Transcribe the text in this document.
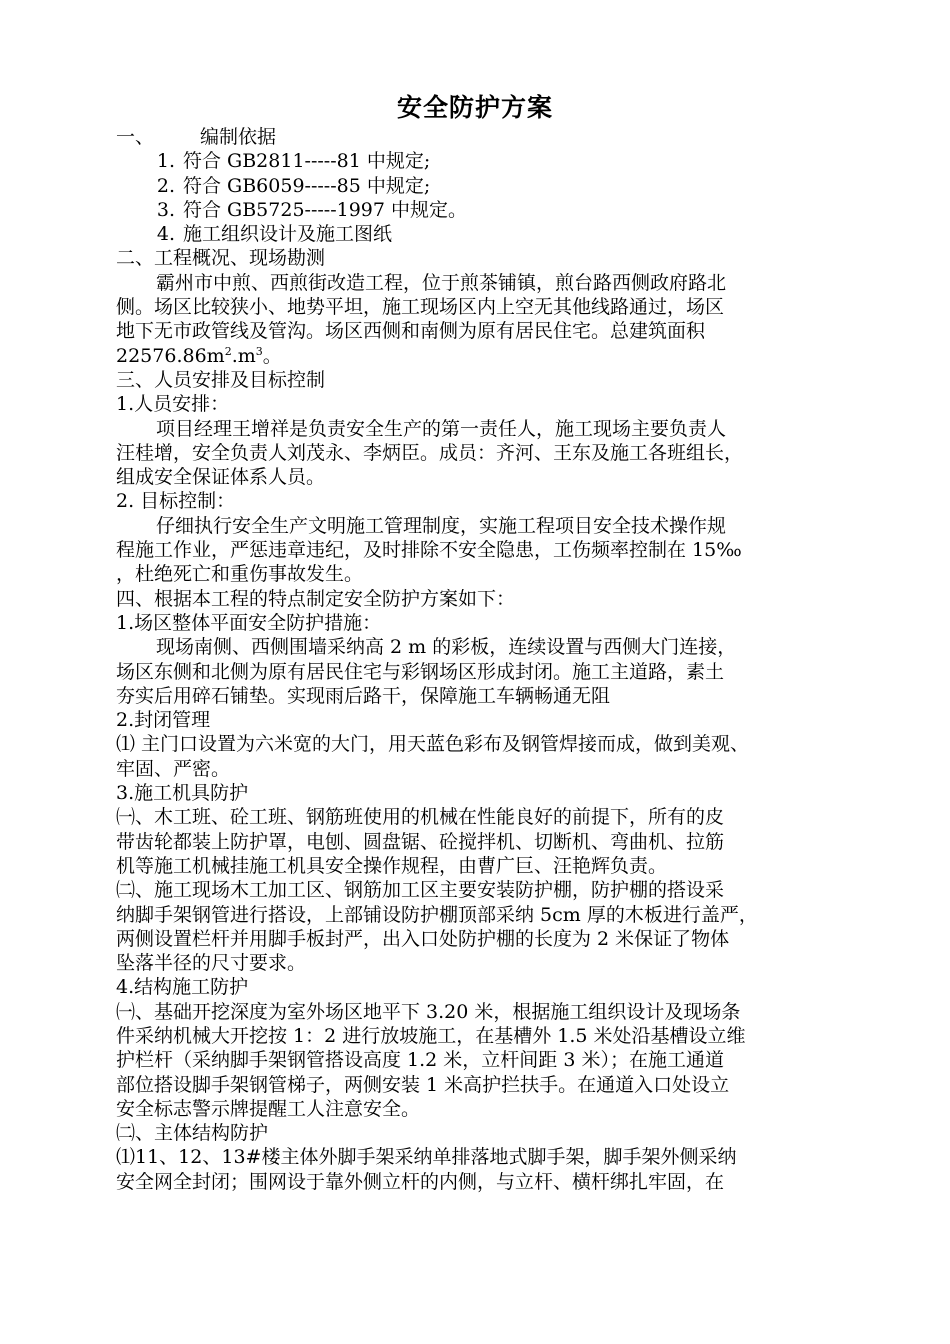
安全防护方案
一、 编制依据
1. 符合 GB2811-----81 中规定;
2. 符合 GB6059-----85 中规定;
3. 符合 GB5725-----1997 中规定。
4. 施工组织设计及施工图纸
二、工程概况、现场勘测
霸州市中煎、西煎街改造工程，位于煎茶铺镇，煎台路西侧政府路北
侧。场区比较狭小、地势平坦，施工现场区内上空无其他线路通过，场区
地下无市政管线及管沟。场区西侧和南侧为原有居民住宅。总建筑面积
$22576.86m^2.m^3$。
三、人员安排及目标控制
1.人员安排：
项目经理王增祥是负责安全生产的第一责任人，施工现场主要负责人
汪桂增，安全负责人刘茂永、李炳臣。成员：齐河、王东及施工各班组长，
组成安全保证体系人员。
2. 目标控制：
仔细执行安全生产文明施工管理制度，实施工程项目安全技术操作规
程施工作业，严惩违章违纪，及时排除不安全隐患，工伤频率控制在 15‰
，杜绝死亡和重伤事故发生。
四、根据本工程的特点制定安全防护方案如下：
1.场区整体平面安全防护措施：
现场南侧、西侧围墙采纳高 2 m 的彩板，连续设置与西侧大门连接，
场区东侧和北侧为原有居民住宅与彩钢场区形成封闭。施工主道路，素土
夯实后用碎石铺垫。实现雨后路干，保障施工车辆畅通无阻
2.封闭管理
⑴ 主门口设置为六米宽的大门，用天蓝色彩布及钢管焊接而成，做到美观、
牢固、严密。
3.施工机具防护
㈠、木工班、砼工班、钢筋班使用的机械在性能良好的前提下，所有的皮
带齿轮都装上防护罩，电刨、圆盘锯、砼搅拌机、切断机、弯曲机、拉筋
机等施工机械挂施工机具安全操作规程，由曹广巨、汪艳辉负责。
㈡、施工现场木工加工区、钢筋加工区主要安装防护棚，防护棚的搭设采
纳脚手架钢管进行搭设，上部铺设防护棚顶部采纳 5cm 厚的木板进行盖严，
两侧设置栏杆并用脚手板封严，出入口处防护棚的长度为 2 米保证了物体
坠落半径的尺寸要求。
4.结构施工防护
㈠、基础开挖深度为室外场区地平下 3.20 米，根据施工组织设计及现场条
件采纳机械大开挖按 1：2 进行放坡施工，在基槽外 1.5 米处沿基槽设立维
护栏杆（采纳脚手架钢管搭设高度 1.2 米，立杆间距 3 米）；在施工通道
部位搭设脚手架钢管梯子，两侧安装 1 米高护拦扶手。在通道入口处设立
安全标志警示牌提醒工人注意安全。
㈡、主体结构防护
⑴11、12、13#楼主体外脚手架采纳单排落地式脚手架，脚手架外侧采纳
安全网全封闭；围网设于靠外侧立杆的内侧，与立杆、横杆绑扎牢固，在
